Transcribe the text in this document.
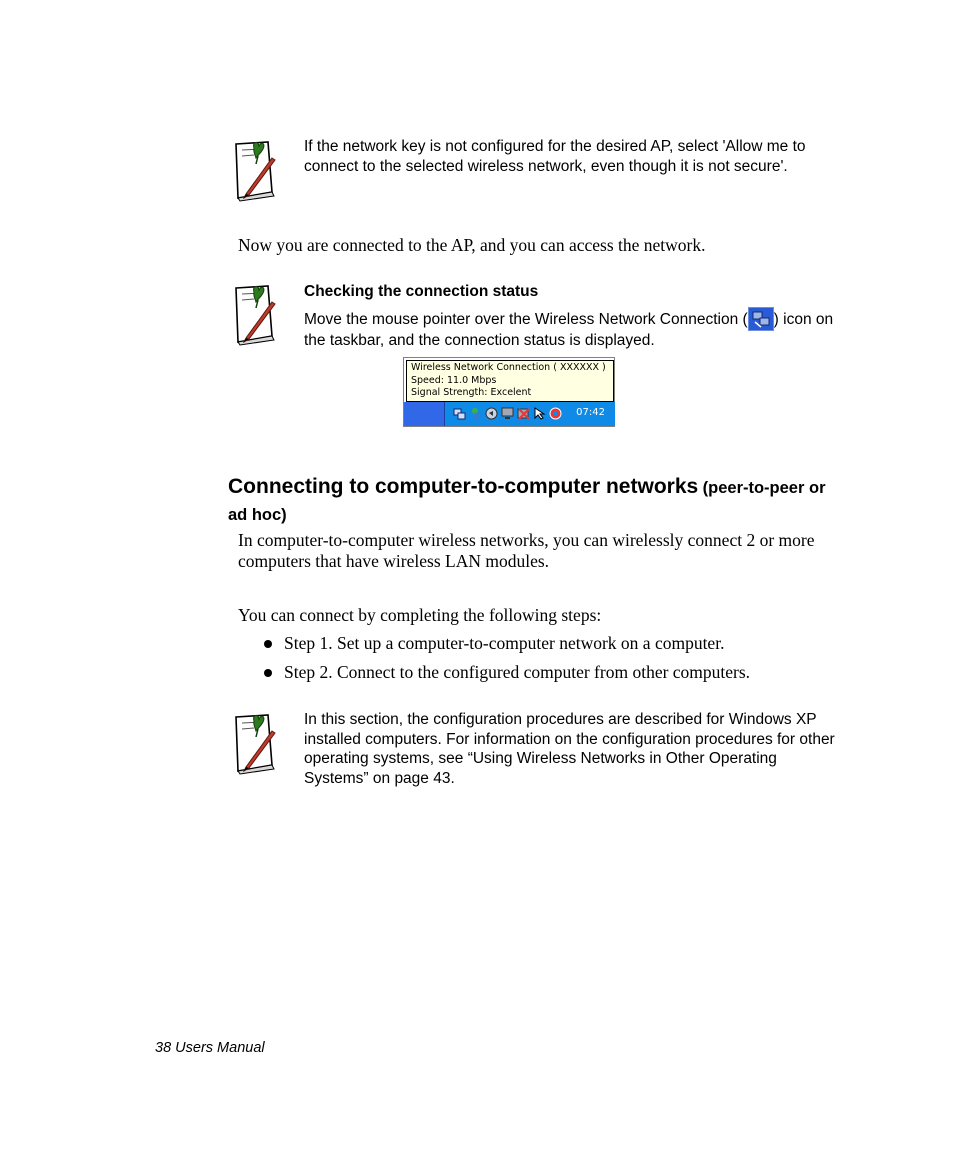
If the network key is not configured for the desired AP, select 'Allow me to
connect to the selected wireless network, even though it is not secure'.
Now you are connected to the AP, and you can access the network.
Checking the connection status
Move the mouse pointer over the Wireless Network Connection ( ) icon on
the taskbar, and the connection status is displayed.
Wireless Network Connection ( XXXXXX )
Speed: 11.0 Mbps
Signal Strength: Excelent
07:42
Connecting to computer-to-computer networks (peer-to-peer or
ad hoc)
In computer-to-computer wireless networks, you can wirelessly connect 2 or more
computers that have wireless LAN modules.
You can connect by completing the following steps:
Step 1. Set up a computer-to-computer network on a computer.
Step 2. Connect to the configured computer from other computers.
In this section, the configuration procedures are described for Windows XP
installed computers. For information on the configuration procedures for other
operating systems, see “Using Wireless Networks in Other Operating
Systems” on page 43.
38 Users Manual
